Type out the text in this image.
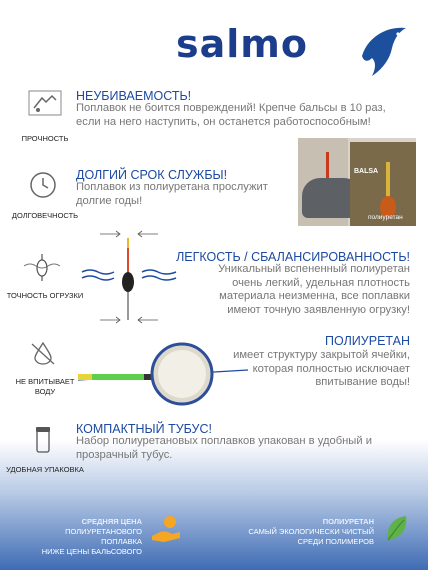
salmo
ПРОЧНОСТЬ
НЕУБИВАЕМОСТЬ!
Поплавок не боится повреждений! Крепче бальсы в 10 раз, если на него наступить, он останется работоспособным!
ДОЛГОВЕЧНОСТЬ
ДОЛГИЙ СРОК СЛУЖБЫ!
Поплавок из полиуретана прослужит долгие годы!
BALSA
полиуретан
ТОЧНОСТЬ ОГРУЗКИ
ЛЕГКОСТЬ / СБАЛАНСИРОВАННОСТЬ!
Уникальный вспененный полиуретан очень легкий, удельная плотность материала неизменна, все поплавки имеют точную заявленную огрузку!
НЕ ВПИТЫВАЕТ ВОДУ
ПОЛИУРЕТАН
имеет структуру закрытой ячейки, которая полностью исключает впитывание воды!
УДОБНАЯ УПАКОВКА
КОМПАКТНЫЙ ТУБУС!
Набор полиуретановых поплавков упакован в удобный и прозрачный тубус.
СРЕДНЯЯ ЦЕНА
ПОЛИУРЕТАНОВОГО ПОПЛАВКА
НИЖЕ ЦЕНЫ БАЛЬСОВОГО
ПОЛИУРЕТАН
САМЫЙ ЭКОЛОГИЧЕСКИ ЧИСТЫЙ
СРЕДИ ПОЛИМЕРОВ
